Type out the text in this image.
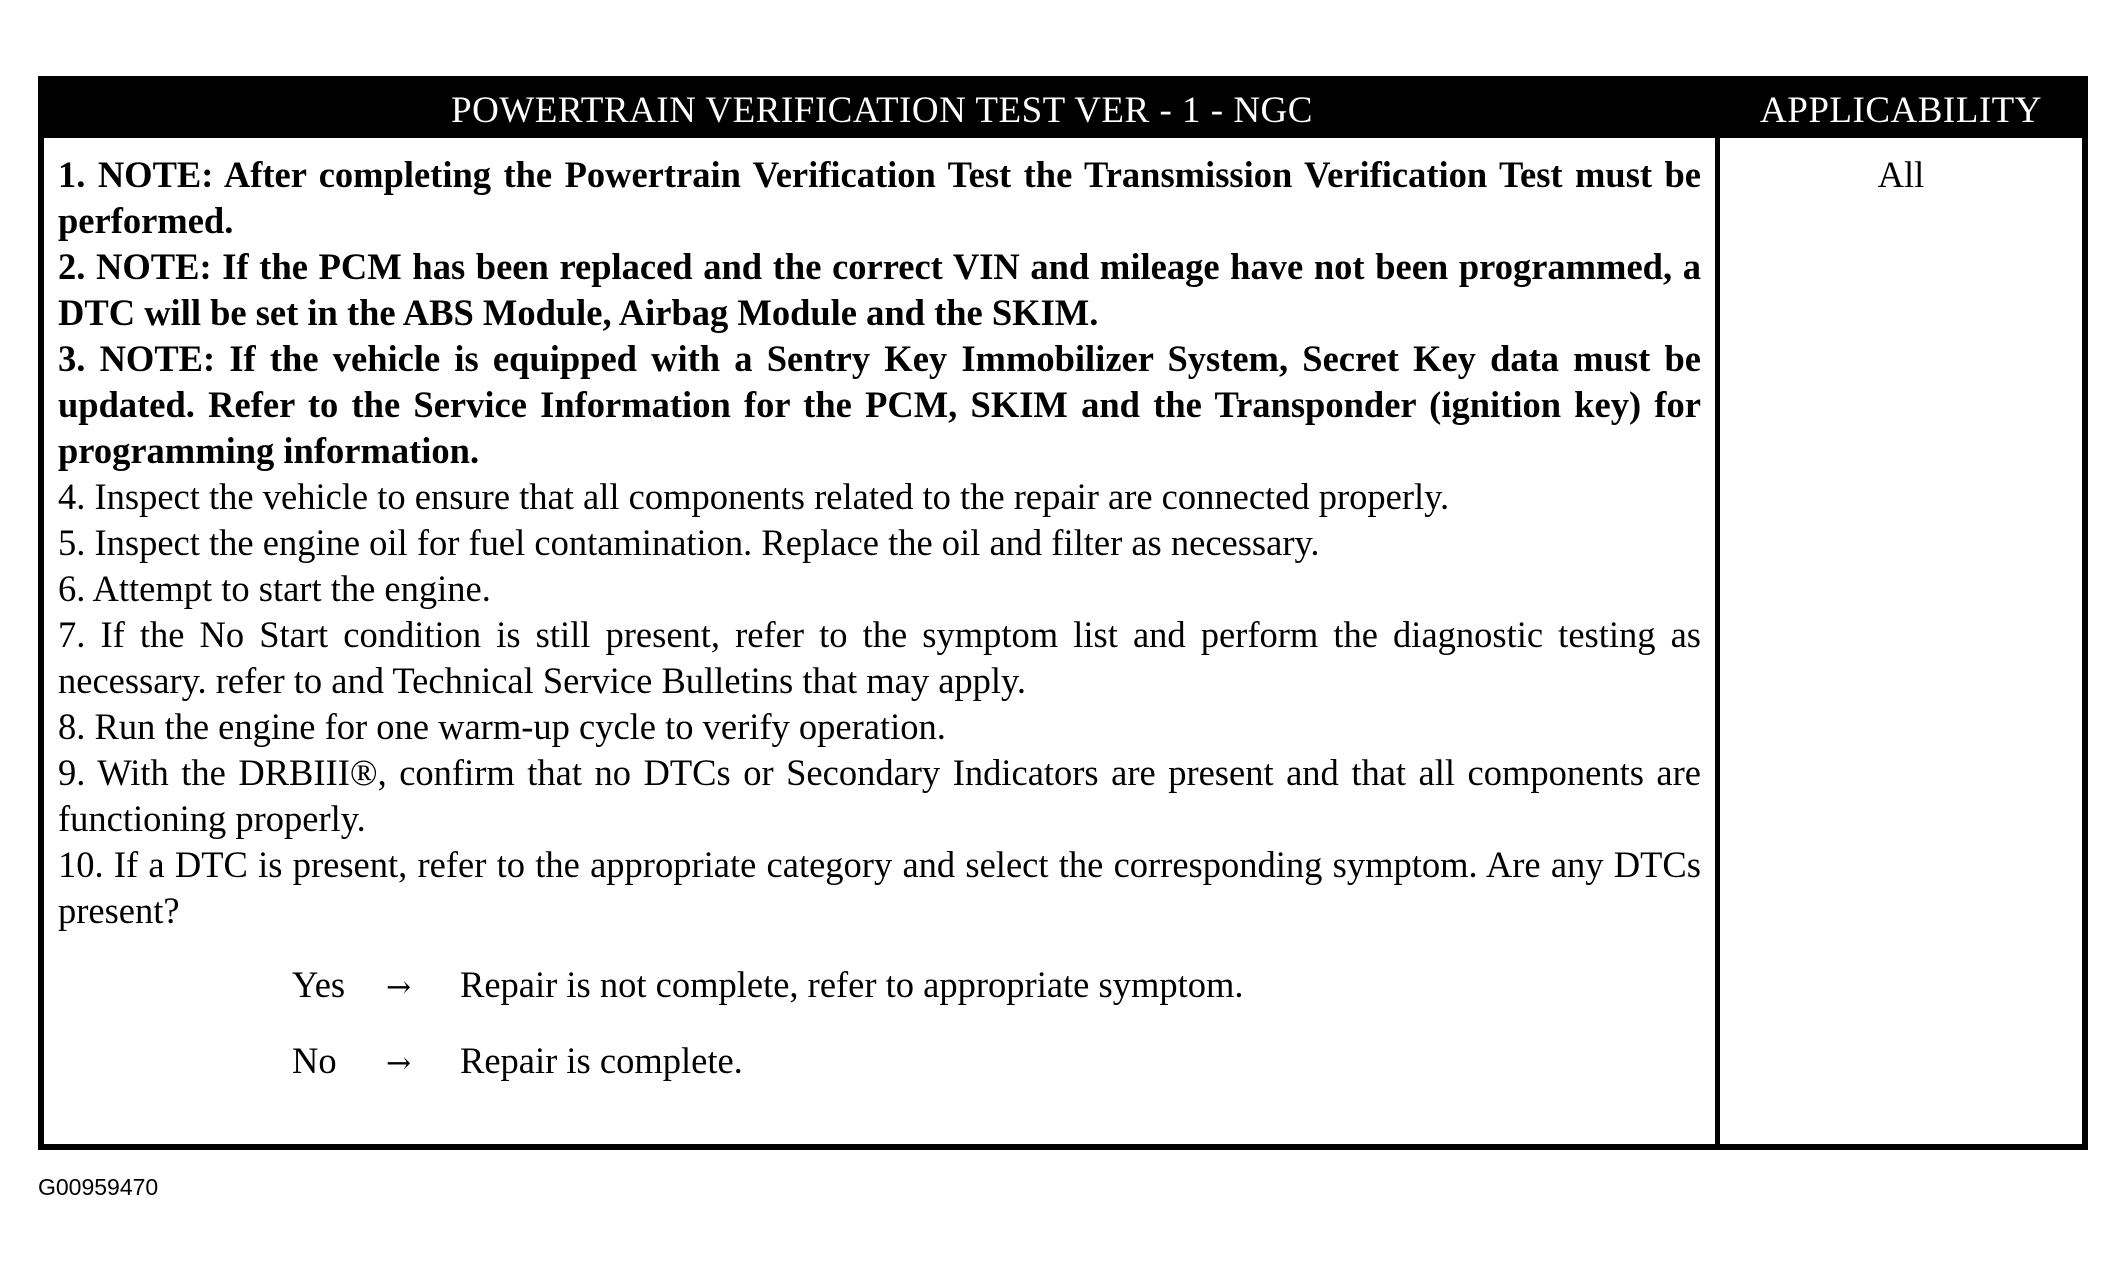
POWERTRAIN VERIFICATION TEST VER - 1 - NGC	APPLICABILITY

1. NOTE: After completing the Powertrain Verification Test the Transmission Verification Test must be performed.

2. NOTE: If the PCM has been replaced and the correct VIN and mileage have not been programmed, a DTC will be set in the ABS Module, Airbag Module and the SKIM.

3. NOTE: If the vehicle is equipped with a Sentry Key Immobilizer System, Secret Key data must be updated. Refer to the Service Information for the PCM, SKIM and the Transponder (ignition key) for programming information.

4. Inspect the vehicle to ensure that all components related to the repair are connected properly.

5. Inspect the engine oil for fuel contamination. Replace the oil and filter as necessary.

6. Attempt to start the engine.

7. If the No Start condition is still present, refer to the symptom list and perform the diagnostic testing as necessary. refer to and Technical Service Bulletins that may apply.

8. Run the engine for one warm-up cycle to verify operation.

9. With the DRBIII®, confirm that no DTCs or Secondary Indicators are present and that all components are functioning properly.

10. If a DTC is present, refer to the appropriate category and select the corresponding symptom. Are any DTCs present?

Yes	→	Repair is not complete, refer to appropriate symptom.
No	→	Repair is complete.
All
G00959470
